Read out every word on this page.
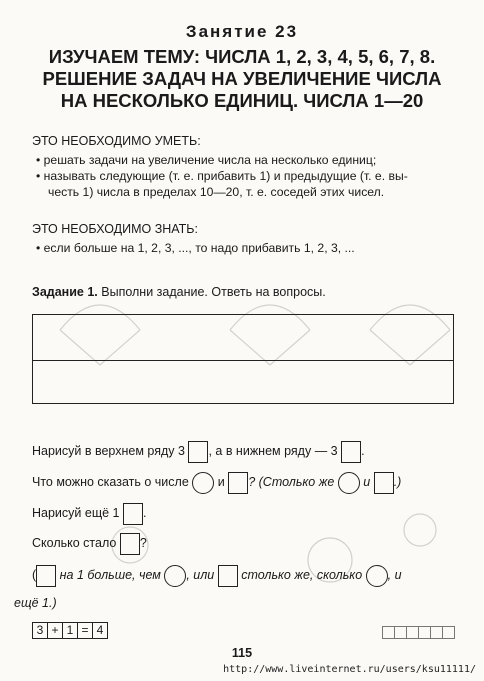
Занятие 23
ИЗУЧАЕМ ТЕМУ: ЧИСЛА 1, 2, 3, 4, 5, 6, 7, 8.
РЕШЕНИЕ ЗАДАЧ НА УВЕЛИЧЕНИЕ ЧИСЛА
НА НЕСКОЛЬКО ЕДИНИЦ. ЧИСЛА 1—20
ЭТО НЕОБХОДИМО УМЕТЬ:
• решать задачи на увеличение числа на несколько единиц;
• называть следующие (т. е. прибавить 1) и предыдущие (т. е. вы-
честь 1) числа в пределах 10—20, т. е. соседей этих чисел.
ЭТО НЕОБХОДИМО ЗНАТЬ:
• если больше на 1, 2, 3, ..., то надо прибавить 1, 2, 3, ...
Задание 1. Выполни задание. Ответь на вопросы.
Нарисуй в верхнем ряду 3 , а в нижнем ряду — 3 .
Что можно сказать о числе и ? (Столько же и .)
Нарисуй ещё 1 .
Сколько стало ?
( на 1 больше, чем , или столько же, сколько , и
ещё 1.)
3 + 1 = 4
115
http://www.liveinternet.ru/users/ksu11111/
